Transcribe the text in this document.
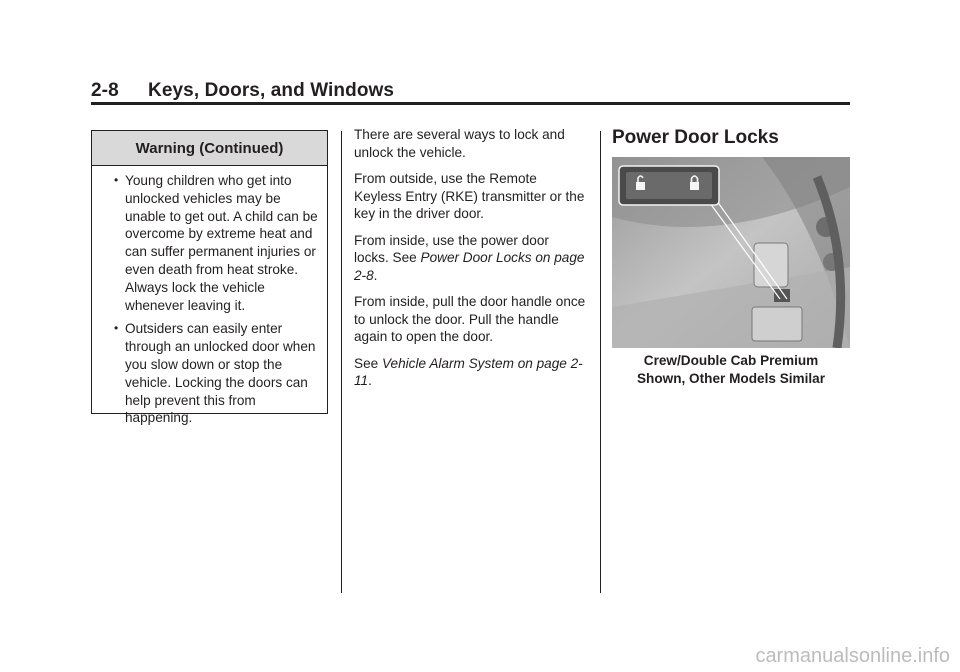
2-8 Keys, Doors, and Windows
Warning (Continued)
• Young children who get into unlocked vehicles may be unable to get out. A child can be overcome by extreme heat and can suffer permanent injuries or even death from heat stroke. Always lock the vehicle whenever leaving it.
• Outsiders can easily enter through an unlocked door when you slow down or stop the vehicle. Locking the doors can help prevent this from happening.

There are several ways to lock and unlock the vehicle.

From outside, use the Remote Keyless Entry (RKE) transmitter or the key in the driver door.

From inside, use the power door locks. See Power Door Locks on page 2-8.

From inside, pull the door handle once to unlock the door. Pull the handle again to open the door.

See Vehicle Alarm System on page 2-11.

Power Door Locks
Crew/Double Cab Premium
Shown, Other Models Similar
carmanualsonline.info
